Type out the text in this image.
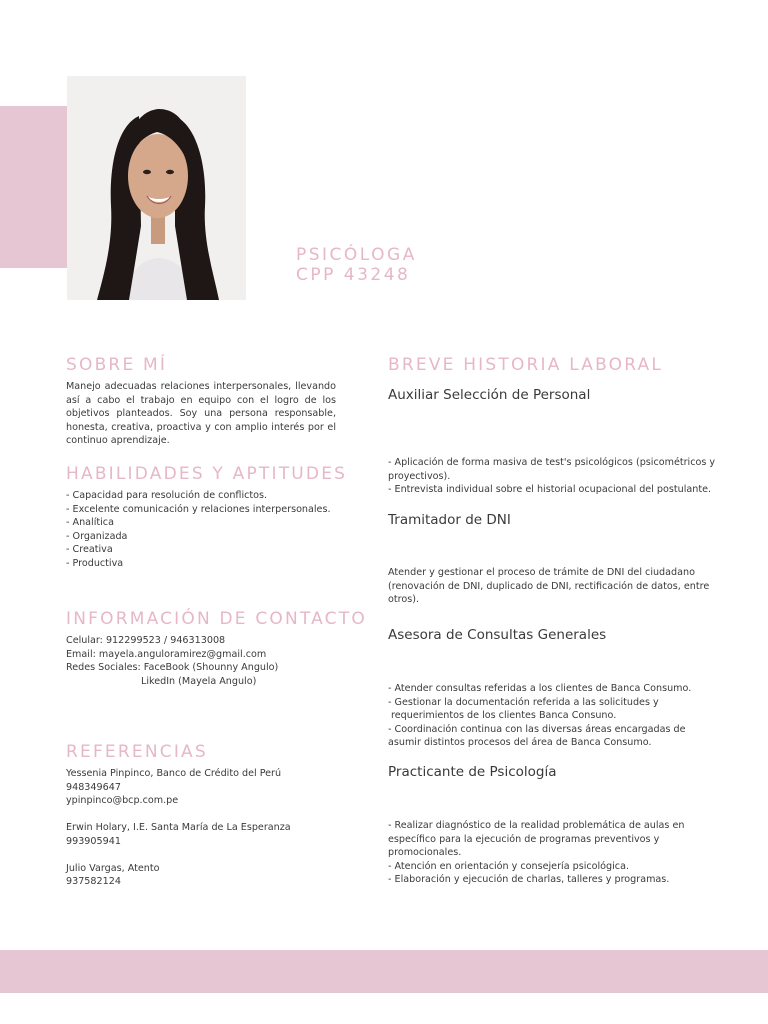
PSICÓLOGA
CPP 43248
SOBRE MÍ

Manejo adecuadas relaciones interpersonales, llevando así a cabo el trabajo en equipo con el logro de los objetivos planteados. Soy una persona responsable, honesta, creativa, proactiva y con amplio interés por el continuo aprendizaje.

HABILIDADES Y APTITUDES
- Capacidad para resolución de conflictos.
- Excelente comunicación y relaciones interpersonales.
- Analítica
- Organizada
- Creativa
- Productiva
INFORMACIÓN DE CONTACTO
Celular: 912299523 / 946313008
Email: mayela.anguloramirez@gmail.com
Redes Sociales: FaceBook (Shounny Angulo)
LikedIn (Mayela Angulo)
REFERENCIAS
Yessenia Pinpinco, Banco de Crédito del Perú
948349647
ypinpinco@bcp.com.pe

Erwin Holary, I.E. Santa María de La Esperanza
993905941

Julio Vargas, Atento
937582124
BREVE HISTORIA LABORAL
Auxiliar Selección de Personal
- Aplicación de forma masiva de test's psicológicos (psicométricos y
proyectivos).
- Entrevista individual sobre el historial ocupacional del postulante.
Tramitador de DNI
Atender y gestionar el proceso de trámite de DNI del ciudadano
(renovación de DNI, duplicado de DNI, rectificación de datos, entre
otros).
Asesora de Consultas Generales
- Atender consultas referidas a los clientes de Banca Consumo.
- Gestionar la documentación referida a las solicitudes y
requerimientos de los clientes Banca Consuno.
- Coordinación continua con las diversas áreas encargadas de
asumir distintos procesos del área de Banca Consumo.
Practicante de Psicología
- Realizar diagnóstico de la realidad problemática de aulas en
específico para la ejecución de programas preventivos y
promocionales.
- Atención en orientación y consejería psicológica.
- Elaboración y ejecución de charlas, talleres y programas.
